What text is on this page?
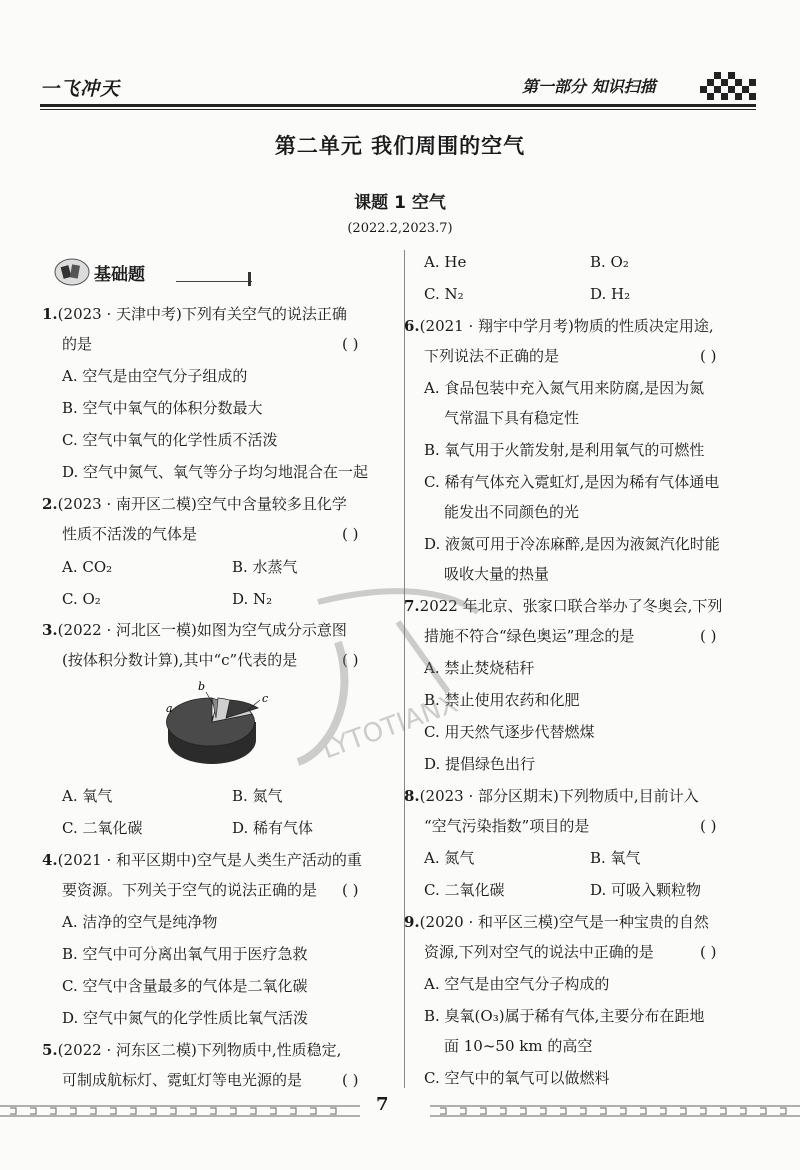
一飞冲天	第一部分 知识扫描
第二单元 我们周围的空气
课题 1 空气
(2022.2,2023.7)
基础题
1.(2023 · 天津中考)下列有关空气的说法正确
的是	( )
A. 空气是由空气分子组成的
B. 空气中氧气的体积分数最大
C. 空气中氧气的化学性质不活泼
D. 空气中氮气、氧气等分子均匀地混合在一起
2.(2023 · 南开区二模)空气中含量较多且化学
性质不活泼的气体是	( )
A. CO₂	B. 水蒸气
C. O₂	D. N₂
3.(2022 · 河北区一模)如图为空气成分示意图
(按体积分数计算),其中“c”代表的是	( )
a
b
c
A. 氧气	B. 氮气
C. 二氧化碳	D. 稀有气体
4.(2021 · 和平区期中)空气是人类生产活动的重
要资源。下列关于空气的说法正确的是 ( )
A. 洁净的空气是纯净物
B. 空气中可分离出氧气用于医疗急救
C. 空气中含量最多的气体是二氧化碳
D. 空气中氮气的化学性质比氧气活泼
5.(2022 · 河东区二模)下列物质中,性质稳定,
可制成航标灯、霓虹灯等电光源的是	( )
A. He	B. O₂
C. N₂	D. H₂
6.(2021 · 翔宇中学月考)物质的性质决定用途,
下列说法不正确的是	( )
A. 食品包装中充入氮气用来防腐,是因为氮
气常温下具有稳定性
B. 氧气用于火箭发射,是利用氧气的可燃性
C. 稀有气体充入霓虹灯,是因为稀有气体通电
能发出不同颜色的光
D. 液氮可用于冷冻麻醉,是因为液氮汽化时能
吸收大量的热量
7.2022 年北京、张家口联合举办了冬奥会,下列
措施不符合“绿色奥运”理念的是	( )
A. 禁止焚烧秸秆
B. 禁止使用农药和化肥
C. 用天然气逐步代替燃煤
D. 提倡绿色出行
8.(2023 · 部分区期末)下列物质中,目前计入
“空气污染指数”项目的是	( )
A. 氮气	B. 氧气
C. 二氧化碳	D. 可吸入颗粒物
9.(2020 · 和平区三模)空气是一种宝贵的自然
资源,下列对空气的说法中正确的是	( )
A. 空气是由空气分子构成的
B. 臭氧(O₃)属于稀有气体,主要分布在距地
面 10~50 km 的高空
C. 空气中的氧气可以做燃料
LYTOTIANX
7
